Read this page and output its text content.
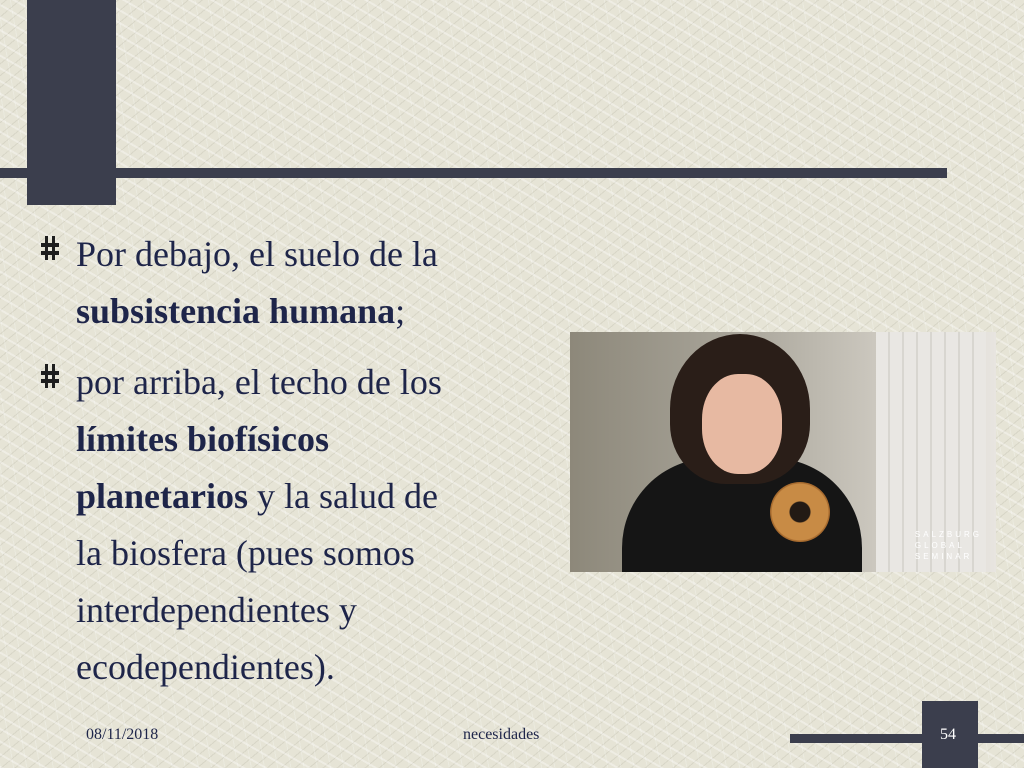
Por debajo, el suelo de la
subsistencia humana;
por arriba, el techo de los
límites biofísicos
planetarios y la salud de
la biosfera (pues somos
interdependientes y
ecodependientes).
SALZBURG
GLOBAL
SEMINAR
08/11/2018	necesidades	54
